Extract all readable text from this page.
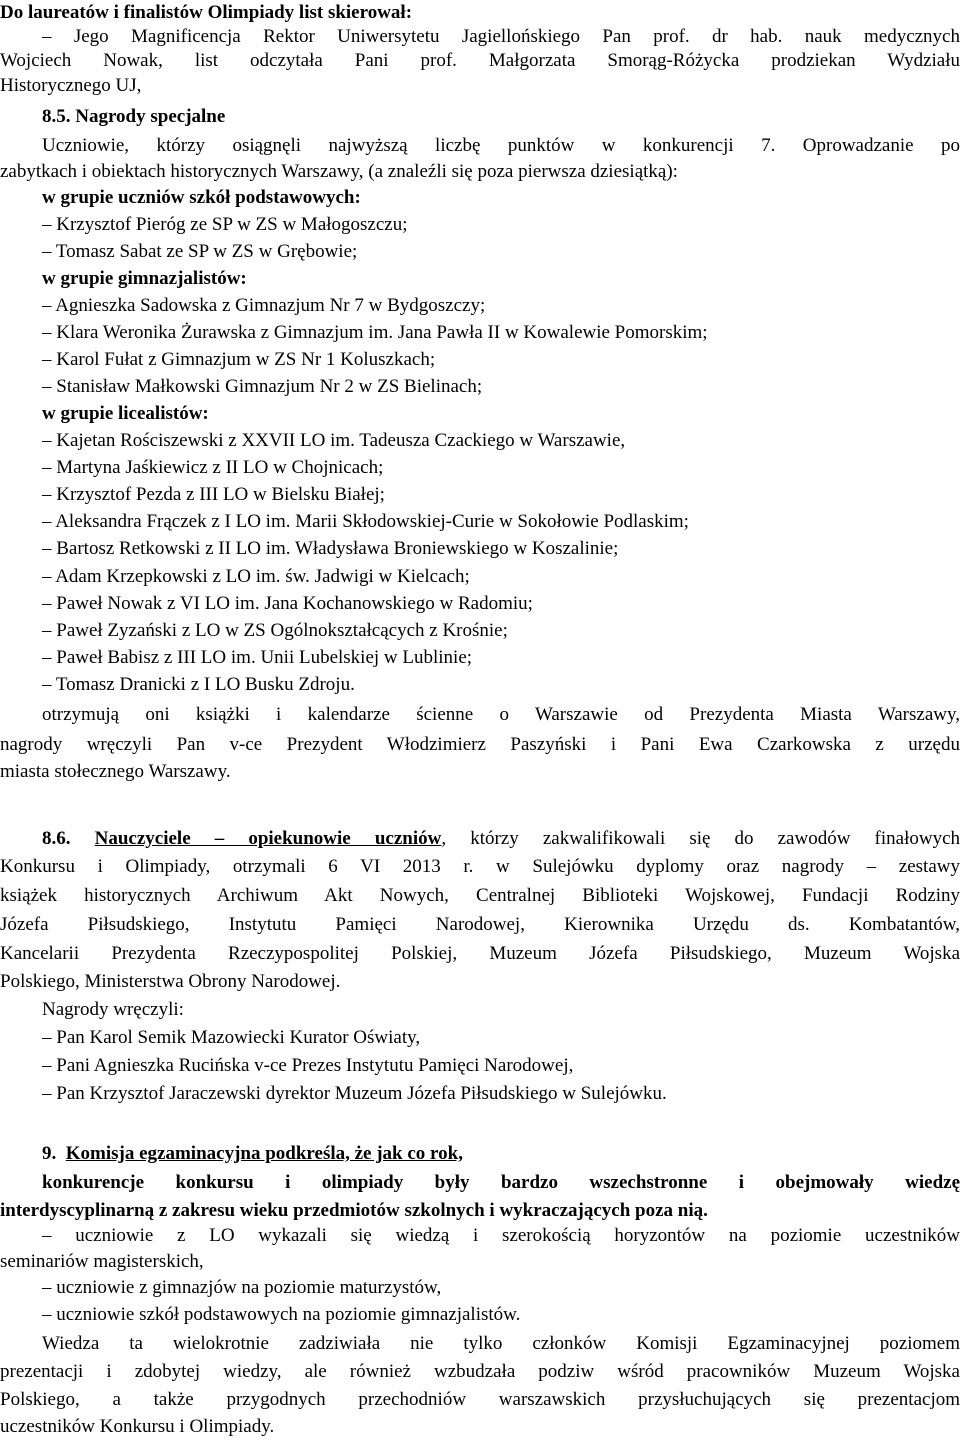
Do laureatów i finalistów Olimpiady list skierował:
– Jego Magnificencja Rektor Uniwersytetu Jagiellońskiego Pan prof. dr hab. nauk medycznych
Wojciech Nowak, list odczytała Pani prof. Małgorzata Smorąg-Różycka prodziekan Wydziału
Historycznego UJ,
8.5. Nagrody specjalne
Uczniowie, którzy osiągnęli najwyższą liczbę punktów w konkurencji 7. Oprowadzanie po
zabytkach i obiektach historycznych Warszawy, (a znaleźli się poza pierwsza dziesiątką):
w grupie uczniów szkół podstawowych:
– Krzysztof Pieróg ze SP w ZS w Małogoszczu;
– Tomasz Sabat ze SP w ZS w Grębowie;
w grupie gimnazjalistów:
– Agnieszka Sadowska z Gimnazjum Nr 7 w Bydgoszczy;
– Klara Weronika Żurawska z Gimnazjum im. Jana Pawła II w Kowalewie Pomorskim;
– Karol Fułat z Gimnazjum w ZS Nr 1 Koluszkach;
– Stanisław Małkowski Gimnazjum Nr 2 w ZS Bielinach;
w grupie licealistów:
– Kajetan Rościszewski z XXVII LO im. Tadeusza Czackiego w Warszawie,
– Martyna Jaśkiewicz z II LO w Chojnicach;
– Krzysztof Pezda z III LO w Bielsku Białej;
– Aleksandra Frączek z I LO im. Marii Skłodowskiej-Curie w Sokołowie Podlaskim;
– Bartosz Retkowski z II LO im. Władysława Broniewskiego w Koszalinie;
– Adam Krzepkowski z LO im. św. Jadwigi w Kielcach;
– Paweł Nowak z VI LO im. Jana Kochanowskiego w Radomiu;
– Paweł Zyzański z LO w ZS Ogólnokształcących z Krośnie;
– Paweł Babisz z III LO im. Unii Lubelskiej w Lublinie;
– Tomasz Dranicki z I LO Busku Zdroju.
otrzymują oni książki i kalendarze ścienne o Warszawie od Prezydenta Miasta Warszawy,
nagrody wręczyli Pan v-ce Prezydent Włodzimierz Paszyński i Pani Ewa Czarkowska z urzędu
miasta stołecznego Warszawy.
8.6. Nauczyciele – opiekunowie uczniów, którzy zakwalifikowali się do zawodów finałowych
Konkursu i Olimpiady, otrzymali 6 VI 2013 r. w Sulejówku dyplomy oraz nagrody – zestawy
książek historycznych Archiwum Akt Nowych, Centralnej Biblioteki Wojskowej, Fundacji Rodziny
Józefa Piłsudskiego, Instytutu Pamięci Narodowej, Kierownika Urzędu ds. Kombatantów,
Kancelarii Prezydenta Rzeczypospolitej Polskiej, Muzeum Józefa Piłsudskiego, Muzeum Wojska
Polskiego, Ministerstwa Obrony Narodowej.
Nagrody wręczyli:
– Pan Karol Semik Mazowiecki Kurator Oświaty,
– Pani Agnieszka Rucińska v-ce Prezes Instytutu Pamięci Narodowej,
– Pan Krzysztof Jaraczewski dyrektor Muzeum Józefa Piłsudskiego w Sulejówku.
9. Komisja egzaminacyjna podkreśla, że jak co rok,
konkurencje konkursu i olimpiady były bardzo wszechstronne i obejmowały wiedzę
interdyscyplinarną z zakresu wieku przedmiotów szkolnych i wykraczających poza nią.
– uczniowie z LO wykazali się wiedzą i szerokością horyzontów na poziomie uczestników
seminariów magisterskich,
– uczniowie z gimnazjów na poziomie maturzystów,
– uczniowie szkół podstawowych na poziomie gimnazjalistów.
Wiedza ta wielokrotnie zadziwiała nie tylko członków Komisji Egzaminacyjnej poziomem
prezentacji i zdobytej wiedzy, ale również wzbudzała podziw wśród pracowników Muzeum Wojska
Polskiego, a także przygodnych przechodniów warszawskich przysłuchujących się prezentacjom
uczestników Konkursu i Olimpiady.
